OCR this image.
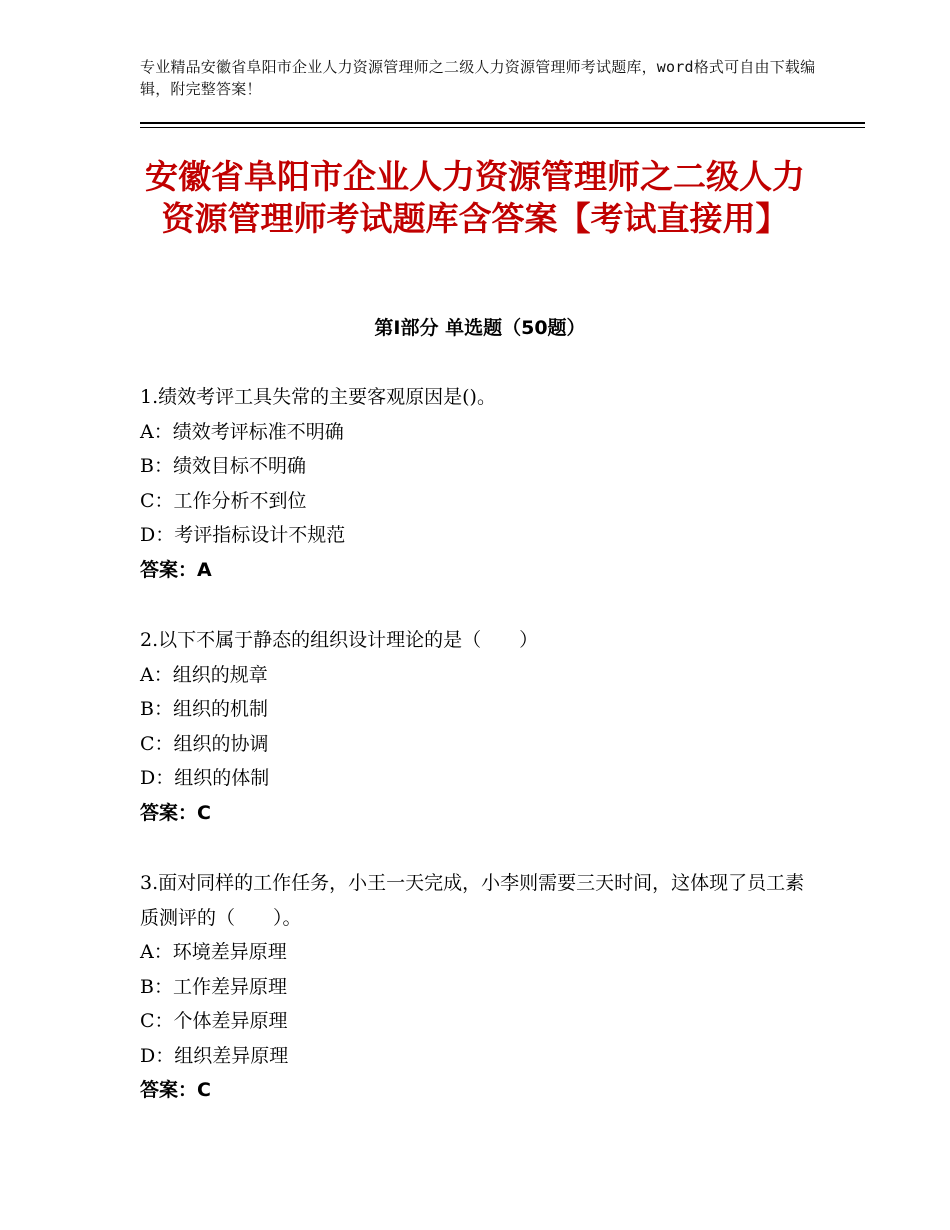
专业精品安徽省阜阳市企业人力资源管理师之二级人力资源管理师考试题库，word格式可自由下载编辑，附完整答案！
安徽省阜阳市企业人力资源管理师之二级人力资源管理师考试题库含答案【考试直接用】
第Ⅰ部分 单选题（50题）

1.绩效考评工具失常的主要客观原因是()。

A：绩效考评标准不明确

B：绩效目标不明确

C：工作分析不到位

D：考评指标设计不规范

答案：A

2.以下不属于静态的组织设计理论的是（　　）

A：组织的规章

B：组织的机制

C：组织的协调

D：组织的体制

答案：C

3.面对同样的工作任务，小王一天完成，小李则需要三天时间，这体现了员工素质测评的（　　）。

A：环境差异原理

B：工作差异原理

C：个体差异原理

D：组织差异原理

答案：C
